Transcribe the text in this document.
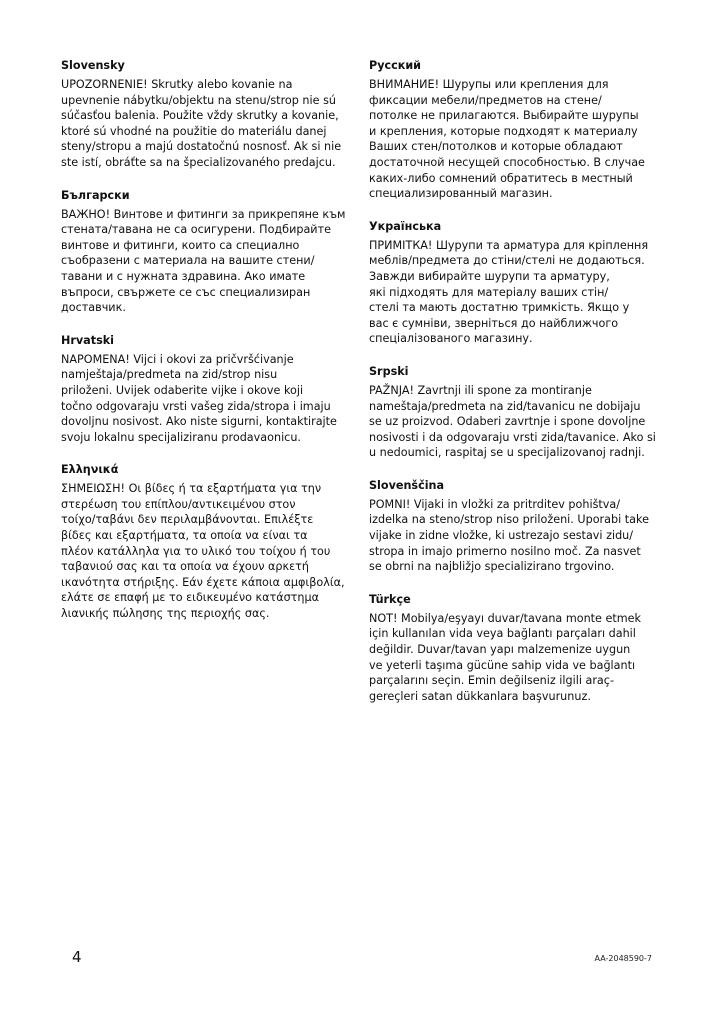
Slovensky
UPOZORNENIE! Skrutky alebo kovanie na
upevnenie nábytku/objektu na stenu/strop nie sú
súčasťou balenia. Použite vždy skrutky a kovanie,
ktoré sú vhodné na použitie do materiálu danej
steny/stropu a majú dostatočnú nosnosť. Ak si nie
ste istí, obráťte sa na špecializovaného predajcu.
Български
ВАЖНО! Винтове и фитинги за прикрепяне към
стената/тавана не са осигурени. Подбирайте
винтове и фитинги, които са специално
съобразени с материала на вашите стени/
тавани и с нужната здравина. Ако имате
въпроси, свържете се със специализиран
доставчик.
Hrvatski
NAPOMENA! Vijci i okovi za pričvršćivanje
namještaja/predmeta na zid/strop nisu
priloženi. Uvijek odaberite vijke i okove koji
točno odgovaraju vrsti vašeg zida/stropa i imaju
dovoljnu nosivost. Ako niste sigurni, kontaktirajte
svoju lokalnu specijaliziranu prodavaonicu.
Ελληνικά
ΣΗΜΕΙΩΣΗ! Οι βίδες ή τα εξαρτήματα για την
στερέωση του επίπλου/αντικειμένου στον
τοίχο/ταβάνι δεν περιλαμβάνονται. Επιλέξτε
βίδες και εξαρτήματα, τα οποία να είναι τα
πλέον κατάλληλα για το υλικό του τοίχου ή του
ταβανιού σας και τα οποία να έχουν αρκετή
ικανότητα στήριξης. Εάν έχετε κάποια αμφιβολία,
ελάτε σε επαφή με το ειδικευμένο κατάστημα
λιανικής πώλησης της περιοχής σας.
Русский
ВНИМАНИЕ! Шурупы или крепления для
фиксации мебели/предметов на стене/
потолке не прилагаются. Выбирайте шурупы
и крепления, которые подходят к материалу
Ваших стен/потолков и которые обладают
достаточной несущей способностью. В случае
каких-либо сомнений обратитесь в местный
специализированный магазин.
Українська
ПРИМІТКА! Шурупи та арматура для кріплення
меблів/предмета до стіни/стелі не додаються.
Завжди вибирайте шурупи та арматуру,
які підходять для матеріалу ваших стін/
стелі та мають достатню тримкість. Якщо у
вас є сумніви, зверніться до найближчого
спеціалізованого магазину.
Srpski
PAŽNJA! Zavrtnji ili spone za montiranje
nameštaja/predmeta na zid/tavanicu ne dobijaju
se uz proizvod. Odaberi zavrtnje i spone dovoljne
nosivosti i da odgovaraju vrsti zida/tavanice. Ako si
u nedoumici, raspitaj se u specijalizovanoj radnji.
Slovenščina
POMNI! Vijaki in vložki za pritrditev pohištva/
izdelka na steno/strop niso priloženi. Uporabi take
vijake in zidne vložke, ki ustrezajo sestavi zidu/
stropa in imajo primerno nosilno moč. Za nasvet
se obrni na najbližjo specializirano trgovino.
Türkçe
NOT! Mobilya/eşyayı duvar/tavana monte etmek
için kullanılan vida veya bağlantı parçaları dahil
değildir. Duvar/tavan yapı malzemenize uygun
ve yeterli taşıma gücüne sahip vida ve bağlantı
parçalarını seçin. Emin değilseniz ilgili araç-
gereçleri satan dükkanlara başvurunuz.
4	AA-2048590-7
